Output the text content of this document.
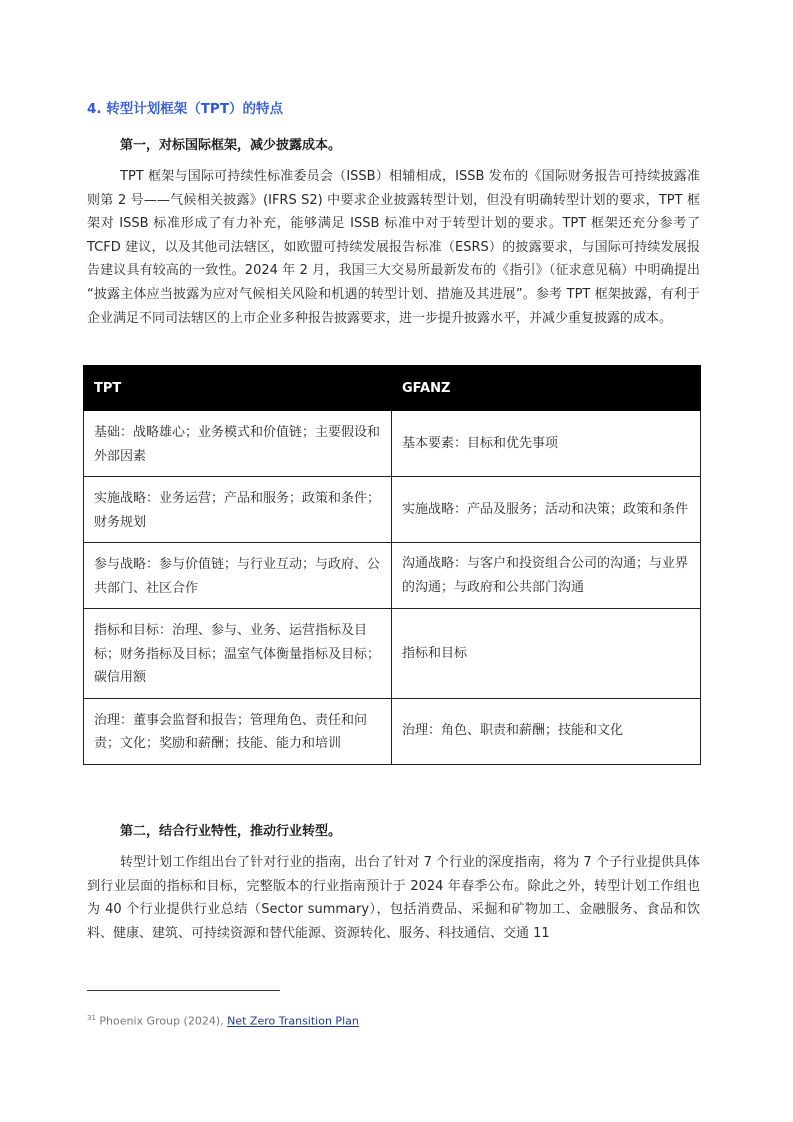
4. 转型计划框架（TPT）的特点

第一，对标国际框架，减少披露成本。

TPT 框架与国际可持续性标准委员会（ISSB）相辅相成，ISSB 发布的《国际财务报告可持续披露准则第 2 号——气候相关披露》(IFRS S2) 中要求企业披露转型计划，但没有明确转型计划的要求，TPT 框架对 ISSB 标准形成了有力补充，能够满足 ISSB 标准中对于转型计划的要求。TPT 框架还充分参考了 TCFD 建议，以及其他司法辖区，如欧盟可持续发展报告标准（ESRS）的披露要求，与国际可持续发展报告建议具有较高的一致性。2024 年 2 月，我国三大交易所最新发布的《指引》（征求意见稿）中明确提出 “披露主体应当披露为应对气候相关风险和机遇的转型计划、措施及其进展”。参考 TPT 框架披露，有利于企业满足不同司法辖区的上市企业多种报告披露要求，进一步提升披露水平，并减少重复披露的成本。

TPT	GFANZ
基础：战略雄心；业务模式和价值链；主要假设和外部因素	基本要素：目标和优先事项
实施战略：业务运营；产品和服务；政策和条件；财务规划	实施战略：产品及服务；活动和决策；政策和条件
参与战略：参与价值链；与行业互动；与政府、公共部门、社区合作	沟通战略：与客户和投资组合公司的沟通；与业界的沟通；与政府和公共部门沟通
指标和目标：治理、参与、业务、运营指标及目标；财务指标及目标；温室气体衡量指标及目标；碳信用额	指标和目标
治理：董事会监督和报告；管理角色、责任和问责；文化；奖励和薪酬；技能、能力和培训	治理：角色、职责和薪酬；技能和文化

第二，结合行业特性，推动行业转型。

转型计划工作组出台了针对行业的指南，出台了针对 7 个行业的深度指南，将为 7 个子行业提供具体到行业层面的指标和目标，完整版本的行业指南预计于 2024 年春季公布。除此之外，转型计划工作组也为 40 个行业提供行业总结（Sector summary），包括消费品、采掘和矿物加工、金融服务、食品和饮料、健康、建筑、可持续资源和替代能源、资源转化、服务、科技通信、交通 11

$^{31}$ Phoenix Group (2024), Net Zero Transition Plan
